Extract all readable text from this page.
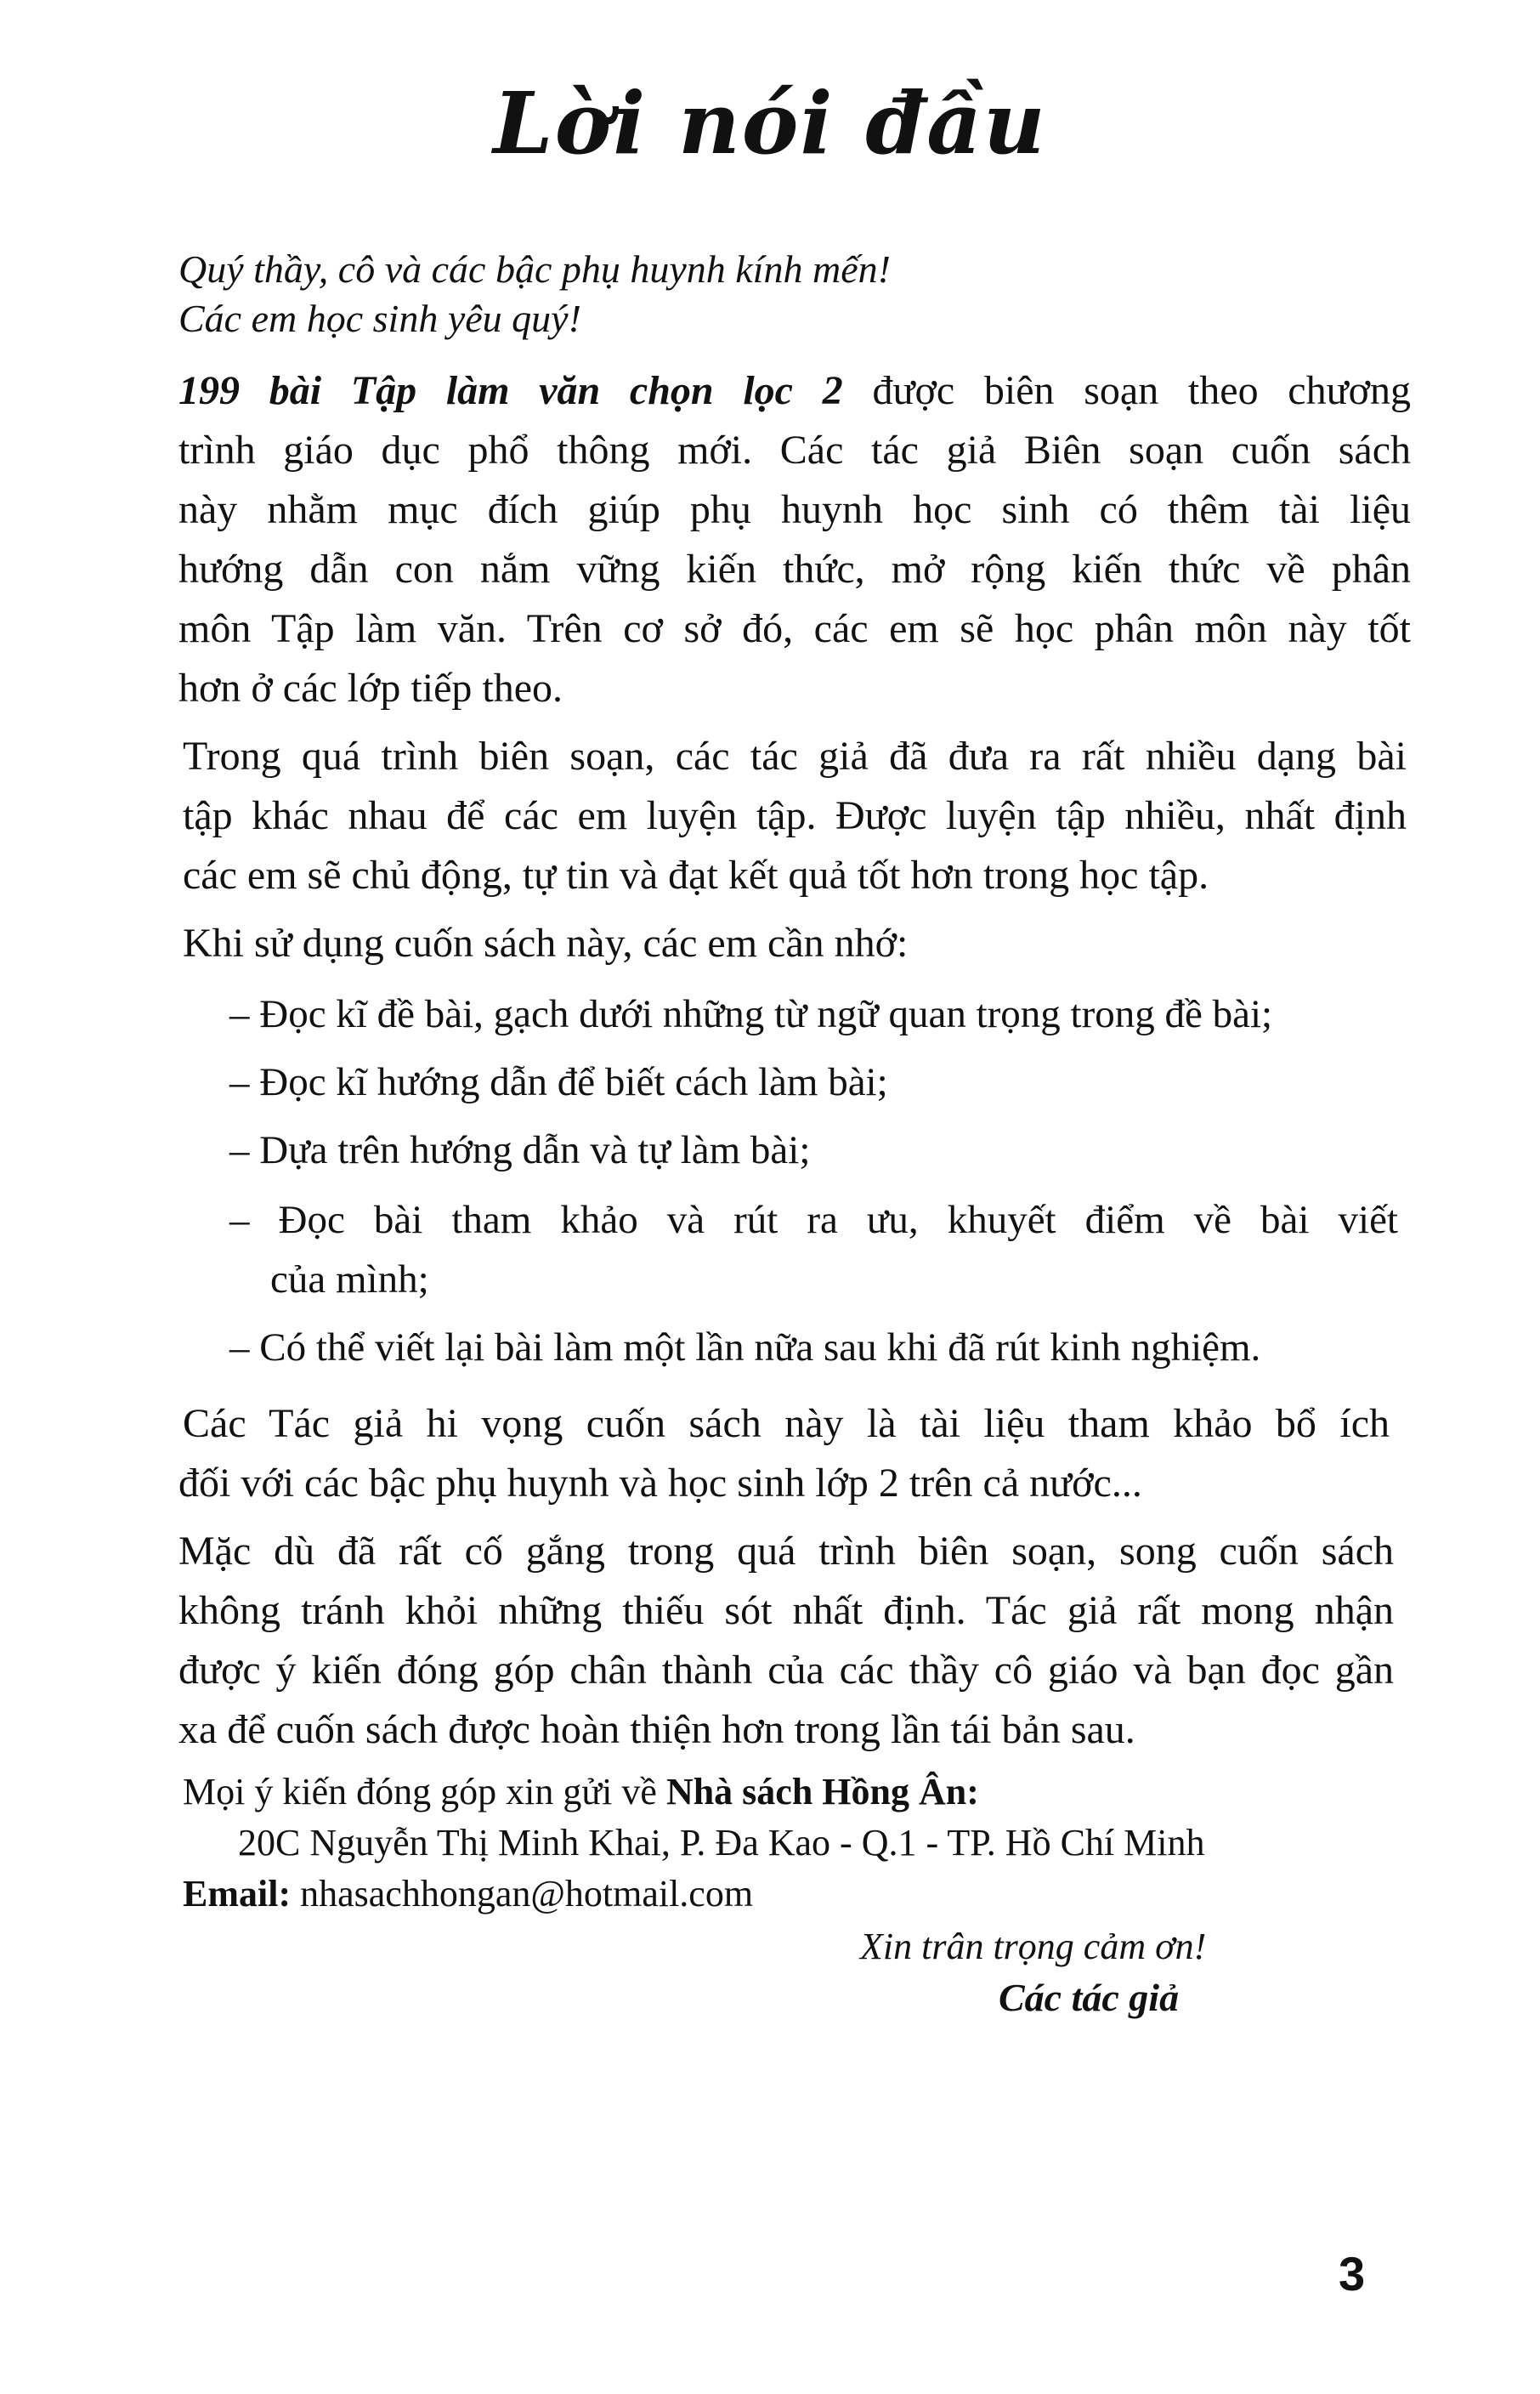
Lời nói đầu
Quý thầy, cô và các bậc phụ huynh kính mến!
Các em học sinh yêu quý!
199 bài Tập làm văn chọn lọc 2 được biên soạn theo chương
trình giáo dục phổ thông mới. Các tác giả Biên soạn cuốn sách
này nhằm mục đích giúp phụ huynh học sinh có thêm tài liệu
hướng dẫn con nắm vững kiến thức, mở rộng kiến thức về phân
môn Tập làm văn. Trên cơ sở đó, các em sẽ học phân môn này tốt
hơn ở các lớp tiếp theo.
Trong quá trình biên soạn, các tác giả đã đưa ra rất nhiều dạng bài
tập khác nhau để các em luyện tập. Được luyện tập nhiều, nhất định
các em sẽ chủ động, tự tin và đạt kết quả tốt hơn trong học tập.
Khi sử dụng cuốn sách này, các em cần nhớ:
– Đọc kĩ đề bài, gạch dưới những từ ngữ quan trọng trong đề bài;
– Đọc kĩ hướng dẫn để biết cách làm bài;
– Dựa trên hướng dẫn và tự làm bài;
– Đọc bài tham khảo và rút ra ưu, khuyết điểm về bài viết
của mình;
– Có thể viết lại bài làm một lần nữa sau khi đã rút kinh nghiệm.
Các Tác giả hi vọng cuốn sách này là tài liệu tham khảo bổ ích
đối với các bậc phụ huynh và học sinh lớp 2 trên cả nước...
Mặc dù đã rất cố gắng trong quá trình biên soạn, song cuốn sách
không tránh khỏi những thiếu sót nhất định. Tác giả rất mong nhận
được ý kiến đóng góp chân thành của các thầy cô giáo và bạn đọc gần
xa để cuốn sách được hoàn thiện hơn trong lần tái bản sau.
Mọi ý kiến đóng góp xin gửi về Nhà sách Hồng Ân:
20C Nguyễn Thị Minh Khai, P. Đa Kao - Q.1 - TP. Hồ Chí Minh
Email: nhasachhongan@hotmail.com
Xin trân trọng cảm ơn!
Các tác giả
3
